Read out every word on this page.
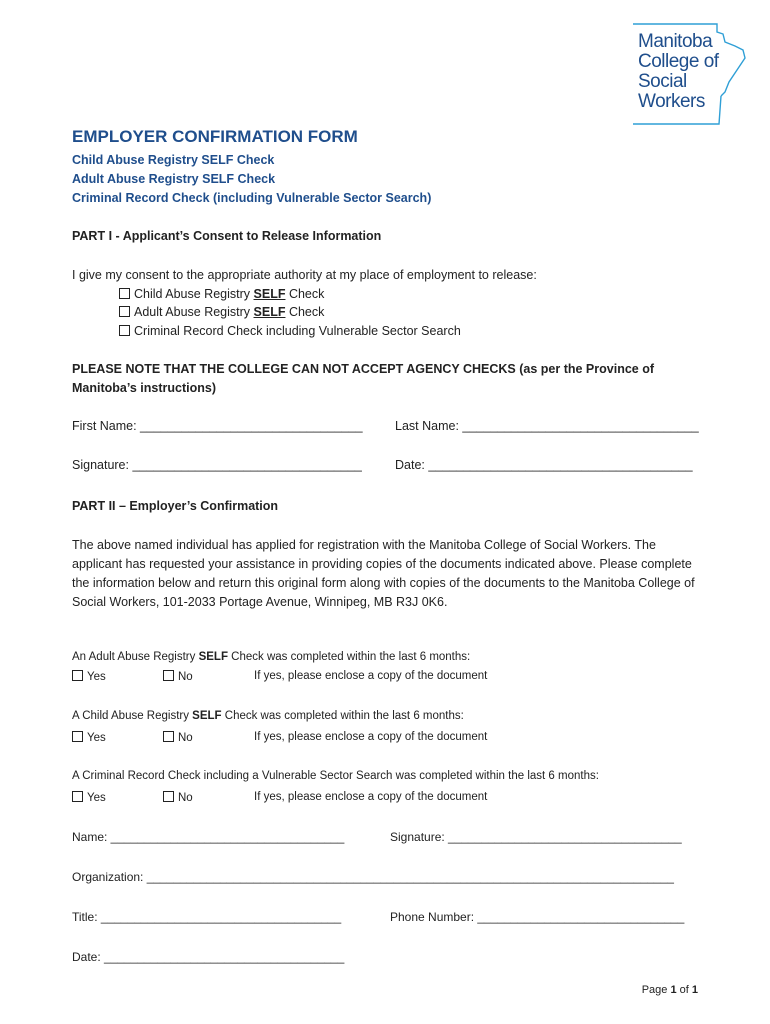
Manitoba
College of
Social
Workers
EMPLOYER CONFIRMATION FORM
Child Abuse Registry SELF Check
Adult Abuse Registry SELF Check
Criminal Record Check (including Vulnerable Sector Search)
PART I - Applicant’s Consent to Release Information
I give my consent to the appropriate authority at my place of employment to release:
Child Abuse Registry SELF Check
Adult Abuse Registry SELF Check
Criminal Record Check including Vulnerable Sector Search
PLEASE NOTE THAT THE COLLEGE CAN NOT ACCEPT AGENCY CHECKS (as per the Province of
Manitoba’s instructions)
First Name: ________________________________	Last Name: __________________________________
Signature: _________________________________	Date: ______________________________________
PART II – Employer’s Confirmation
The above named individual has applied for registration with the Manitoba College of Social Workers. The applicant has requested your assistance in providing copies of the documents indicated above. Please complete the information below and return this original form along with copies of the documents to the Manitoba College of Social Workers, 101-2033 Portage Avenue, Winnipeg, MB R3J 0K6.
An Adult Abuse Registry SELF Check was completed within the last 6 months:
Yes	No	If yes, please enclose a copy of the document
A Child Abuse Registry SELF Check was completed within the last 6 months:
Yes	No	If yes, please enclose a copy of the document
A Criminal Record Check including a Vulnerable Sector Search was completed within the last 6 months:
Yes	No	If yes, please enclose a copy of the document
Name: ___________________________________	Signature: ___________________________________
Organization: _______________________________________________________________________________
Title: ____________________________________	Phone Number: _______________________________
Date: ____________________________________
Page 1 of 1
